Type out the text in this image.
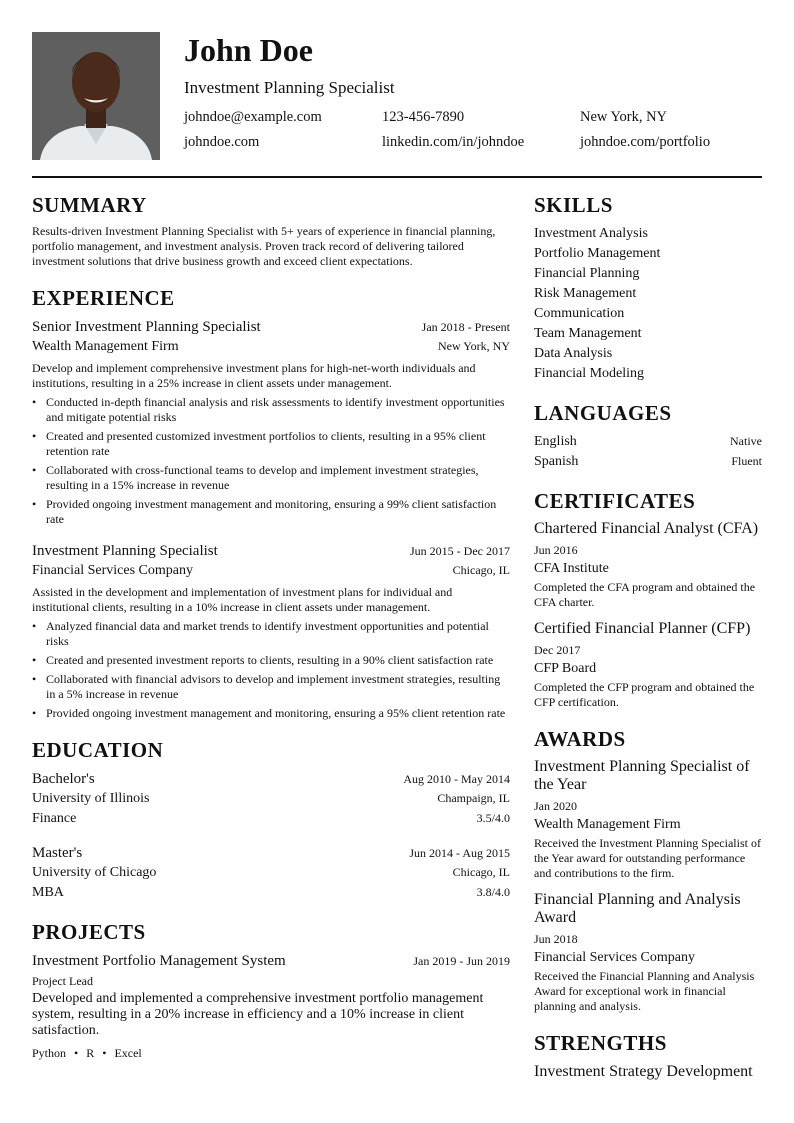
John Doe
Investment Planning Specialist
johndoe@example.com	123-456-7890	New York, NY
johndoe.com	linkedin.com/in/johndoe	johndoe.com/portfolio
SUMMARY

Results-driven Investment Planning Specialist with 5+ years of experience in financial planning, portfolio management, and investment analysis. Proven track record of delivering tailored investment solutions that drive business growth and exceed client expectations.

EXPERIENCE
Senior Investment Planning Specialist	Jan 2018 - Present
Wealth Management Firm	New York, NY
Develop and implement comprehensive investment plans for high-net-worth individuals and institutions, resulting in a 25% increase in client assets under management.
• Conducted in-depth financial analysis and risk assessments to identify investment opportunities and mitigate potential risks
• Created and presented customized investment portfolios to clients, resulting in a 95% client retention rate
• Collaborated with cross-functional teams to develop and implement investment strategies, resulting in a 15% increase in revenue
• Provided ongoing investment management and monitoring, ensuring a 99% client satisfaction rate
Investment Planning Specialist	Jun 2015 - Dec 2017
Financial Services Company	Chicago, IL
Assisted in the development and implementation of investment plans for individual and institutional clients, resulting in a 10% increase in client assets under management.
• Analyzed financial data and market trends to identify investment opportunities and potential risks
• Created and presented investment reports to clients, resulting in a 90% client satisfaction rate
• Collaborated with financial advisors to develop and implement investment strategies, resulting in a 5% increase in revenue
• Provided ongoing investment management and monitoring, ensuring a 95% client retention rate
EDUCATION
Bachelor's	Aug 2010 - May 2014
University of Illinois	Champaign, IL
Finance	3.5/4.0
Master's	Jun 2014 - Aug 2015
University of Chicago	Chicago, IL
MBA	3.8/4.0
PROJECTS
Investment Portfolio Management System	Jan 2019 - Jun 2019
Project Lead
Developed and implemented a comprehensive investment portfolio management system, resulting in a 20% increase in efficiency and a 10% increase in client satisfaction.
Python • R • Excel
SKILLS
Investment Analysis
Portfolio Management
Financial Planning
Risk Management
Communication
Team Management
Data Analysis
Financial Modeling
LANGUAGES
English	Native
Spanish	Fluent
CERTIFICATES
Chartered Financial Analyst (CFA)
Jun 2016
CFA Institute
Completed the CFA program and obtained the CFA charter.
Certified Financial Planner (CFP)
Dec 2017
CFP Board
Completed the CFP program and obtained the CFP certification.
AWARDS
Investment Planning Specialist of the Year
Jan 2020
Wealth Management Firm
Received the Investment Planning Specialist of the Year award for outstanding performance and contributions to the firm.
Financial Planning and Analysis Award
Jun 2018
Financial Services Company
Received the Financial Planning and Analysis Award for exceptional work in financial planning and analysis.
STRENGTHS
Investment Strategy Development
